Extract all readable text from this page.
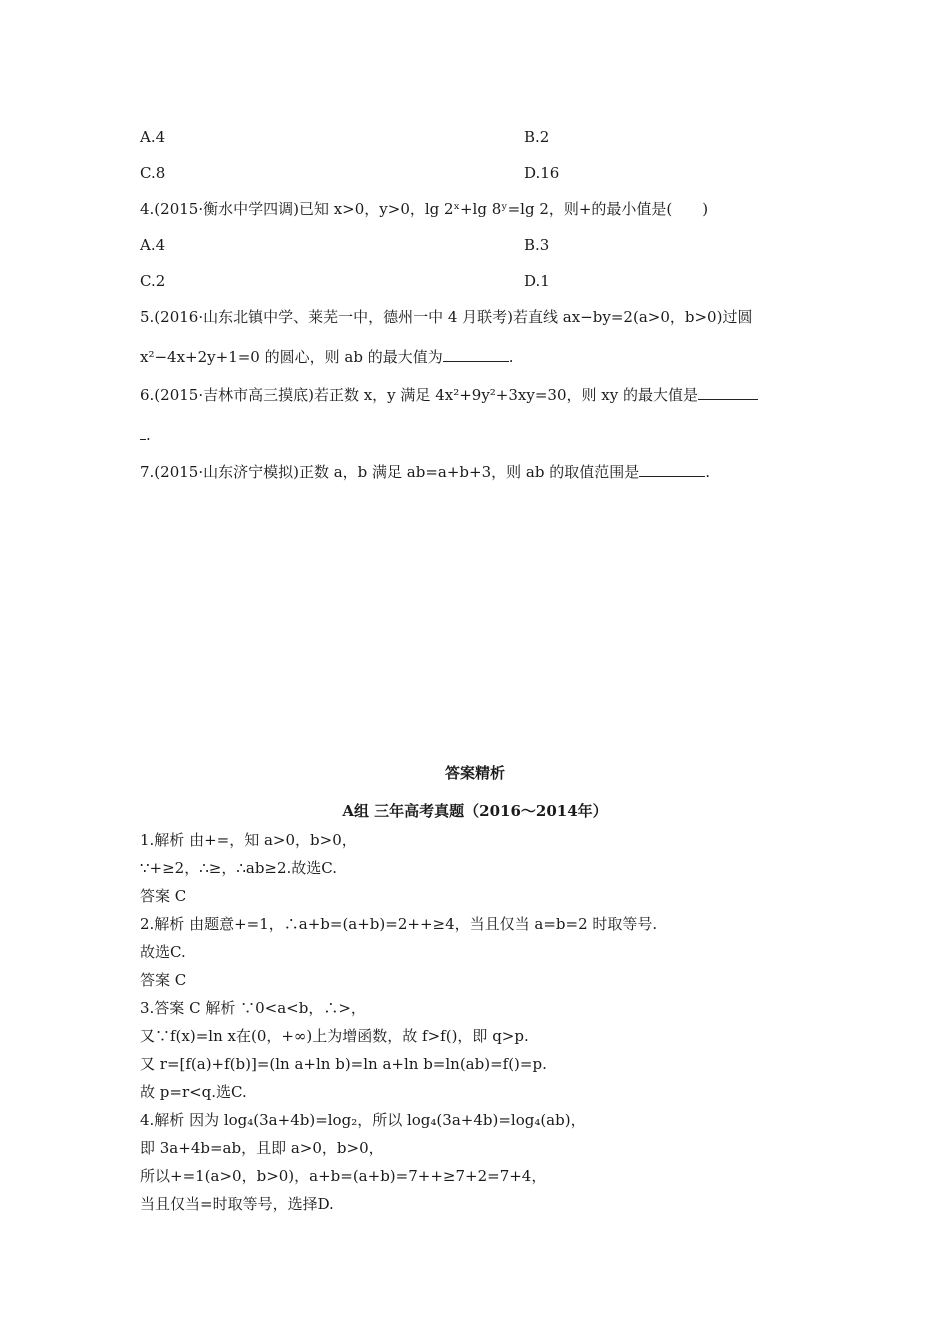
A.4	B.2
C.8	D.16
4.(2015·衡水中学四调)已知 x>0，y>0，lg 2ˣ+lg 8ʸ=lg 2，则+的最小值是(　　)
A.4	B.3
C.2	D.1
5.(2016·山东北镇中学、莱芜一中，德州一中 4 月联考)若直线 ax−by=2(a>0，b>0)过圆
x²−4x+2y+1=0 的圆心，则 ab 的最大值为	.
6.(2015·吉林市高三摸底)若正数 x，y 满足 4x²+9y²+3xy=30，则 xy 的最大值是
.
7.(2015·山东济宁模拟)正数 a，b 满足 ab=a+b+3，则 ab 的取值范围是	.
答案精析
A组 三年高考真题（2016～2014年）
1.解析 由+=，知 a>0，b>0，
∵+≥2，∴≥，∴ab≥2.故选C.
答案 C
2.解析 由题意+=1，∴a+b=(a+b)=2++≥4，当且仅当 a=b=2 时取等号.
故选C.
答案 C
3.答案 C 解析 ∵0<a<b，∴>，
又∵f(x)=ln x在(0，+∞)上为增函数，故 f>f()，即 q>p.
又 r=[f(a)+f(b)]=(ln a+ln b)=ln a+ln b=ln(ab)=f()=p.
故 p=r<q.选C.
4.解析 因为 log₄(3a+4b)=log₂，所以 log₄(3a+4b)=log₄(ab)，
即 3a+4b=ab，且即 a>0，b>0，
所以+=1(a>0，b>0)，a+b=(a+b)=7++≥7+2=7+4，
当且仅当=时取等号，选择D.
